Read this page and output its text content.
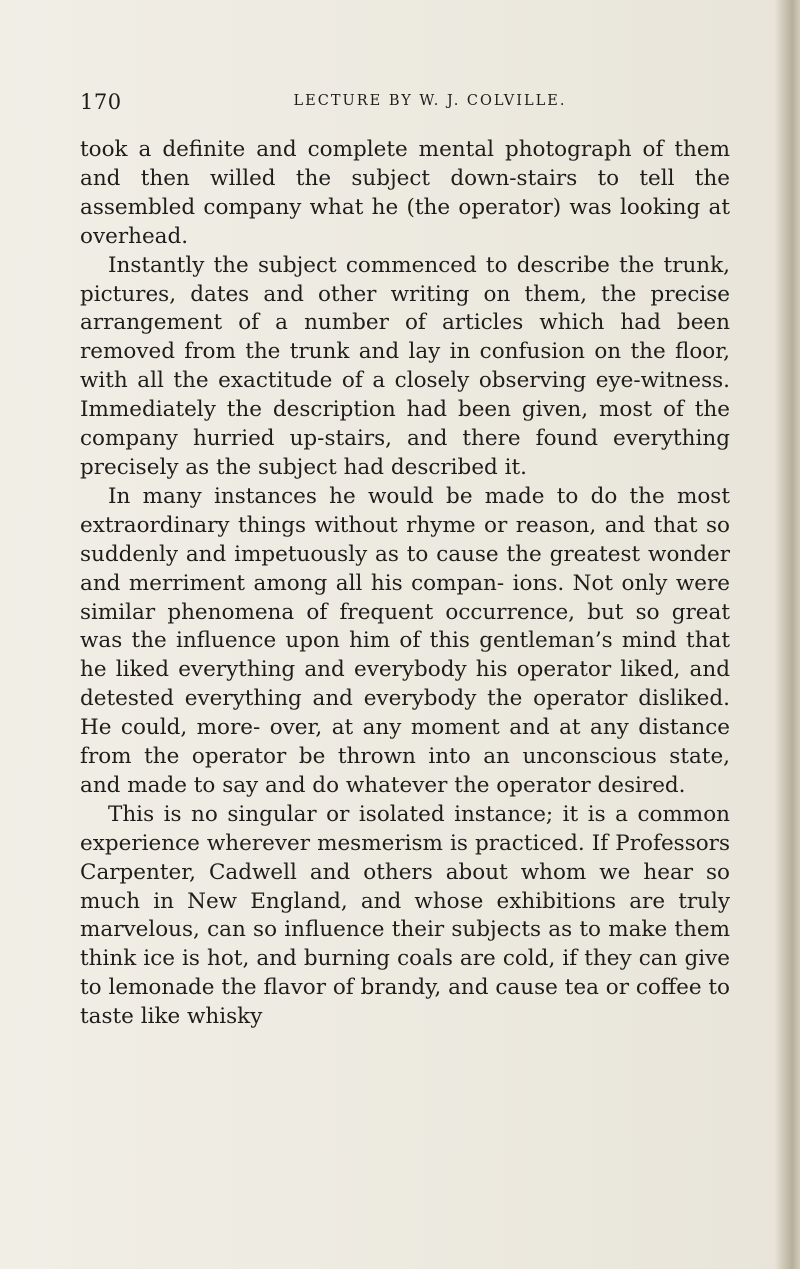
170	LECTURE BY W. J. COLVILLE.

took a definite and complete mental photograph of them and then willed the subject down-stairs to tell the assembled company what he (the operator) was looking at overhead.

Instantly the subject commenced to describe the trunk, pictures, dates and other writing on them, the precise arrangement of a number of articles which had been removed from the trunk and lay in confusion on the floor, with all the exactitude of a closely observing eye-witness. Immediately the description had been given, most of the company hurried up-stairs, and there found everything precisely as the subject had described it.

In many instances he would be made to do the most extraordinary things without rhyme or reason, and that so suddenly and impetuously as to cause the greatest wonder and merriment among all his compan- ions. Not only were similar phenomena of frequent occurrence, but so great was the influence upon him of this gentleman’s mind that he liked everything and everybody his operator liked, and detested everything and everybody the operator disliked. He could, more- over, at any moment and at any distance from the operator be thrown into an unconscious state, and made to say and do whatever the operator desired.

This is no singular or isolated instance; it is a common experience wherever mesmerism is practiced. If Professors Carpenter, Cadwell and others about whom we hear so much in New England, and whose exhibitions are truly marvelous, can so influence their subjects as to make them think ice is hot, and burning coals are cold, if they can give to lemonade the flavor of brandy, and cause tea or coffee to taste like whisky
